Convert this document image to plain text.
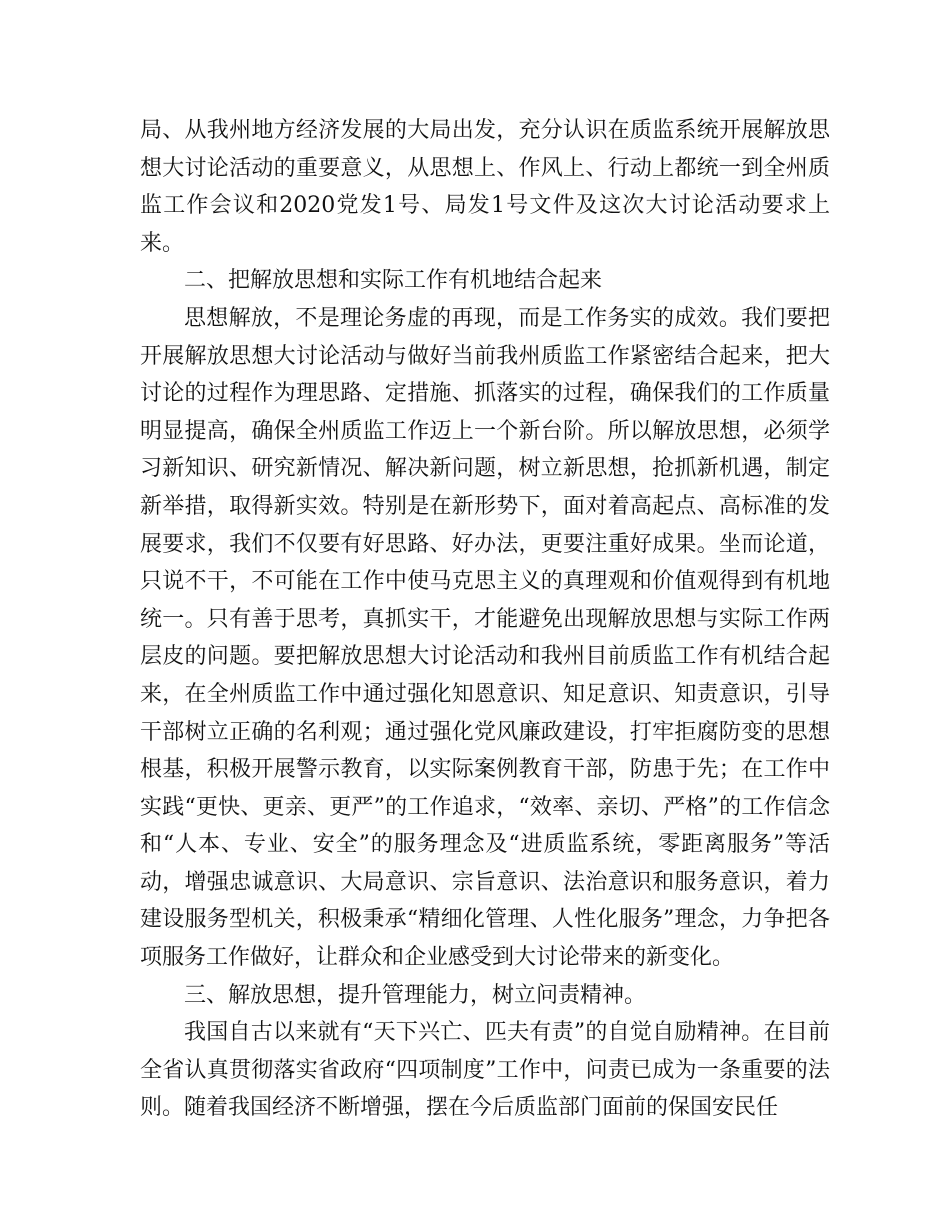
局、从我州地方经济发展的大局出发，充分认识在质监系统开展解放思想大讨论活动的重要意义，从思想上、作风上、行动上都统一到全州质监工作会议和2020党发1号、局发1号文件及这次大讨论活动要求上来。

二、把解放思想和实际工作有机地结合起来

思想解放，不是理论务虚的再现，而是工作务实的成效。我们要把开展解放思想大讨论活动与做好当前我州质监工作紧密结合起来，把大讨论的过程作为理思路、定措施、抓落实的过程，确保我们的工作质量明显提高，确保全州质监工作迈上一个新台阶。所以解放思想，必须学习新知识、研究新情况、解决新问题，树立新思想，抢抓新机遇，制定新举措，取得新实效。特别是在新形势下，面对着高起点、高标准的发展要求，我们不仅要有好思路、好办法，更要注重好成果。坐而论道，只说不干，不可能在工作中使马克思主义的真理观和价值观得到有机地统一。只有善于思考，真抓实干，才能避免出现解放思想与实际工作两层皮的问题。要把解放思想大讨论活动和我州目前质监工作有机结合起来，在全州质监工作中通过强化知恩意识、知足意识、知责意识，引导干部树立正确的名利观；通过强化党风廉政建设，打牢拒腐防变的思想根基，积极开展警示教育，以实际案例教育干部，防患于先；在工作中实践“更快、更亲、更严”的工作追求，“效率、亲切、严格”的工作信念和“人本、专业、安全”的服务理念及“进质监系统，零距离服务”等活动，增强忠诚意识、大局意识、宗旨意识、法治意识和服务意识，着力建设服务型机关，积极秉承“精细化管理、人性化服务”理念，力争把各项服务工作做好，让群众和企业感受到大讨论带来的新变化。

三、解放思想，提升管理能力，树立问责精神。

我国自古以来就有“天下兴亡、匹夫有责”的自觉自励精神。在目前全省认真贯彻落实省政府“四项制度”工作中，问责已成为一条重要的法则。随着我国经济不断增强，摆在今后质监部门面前的保国安民任
